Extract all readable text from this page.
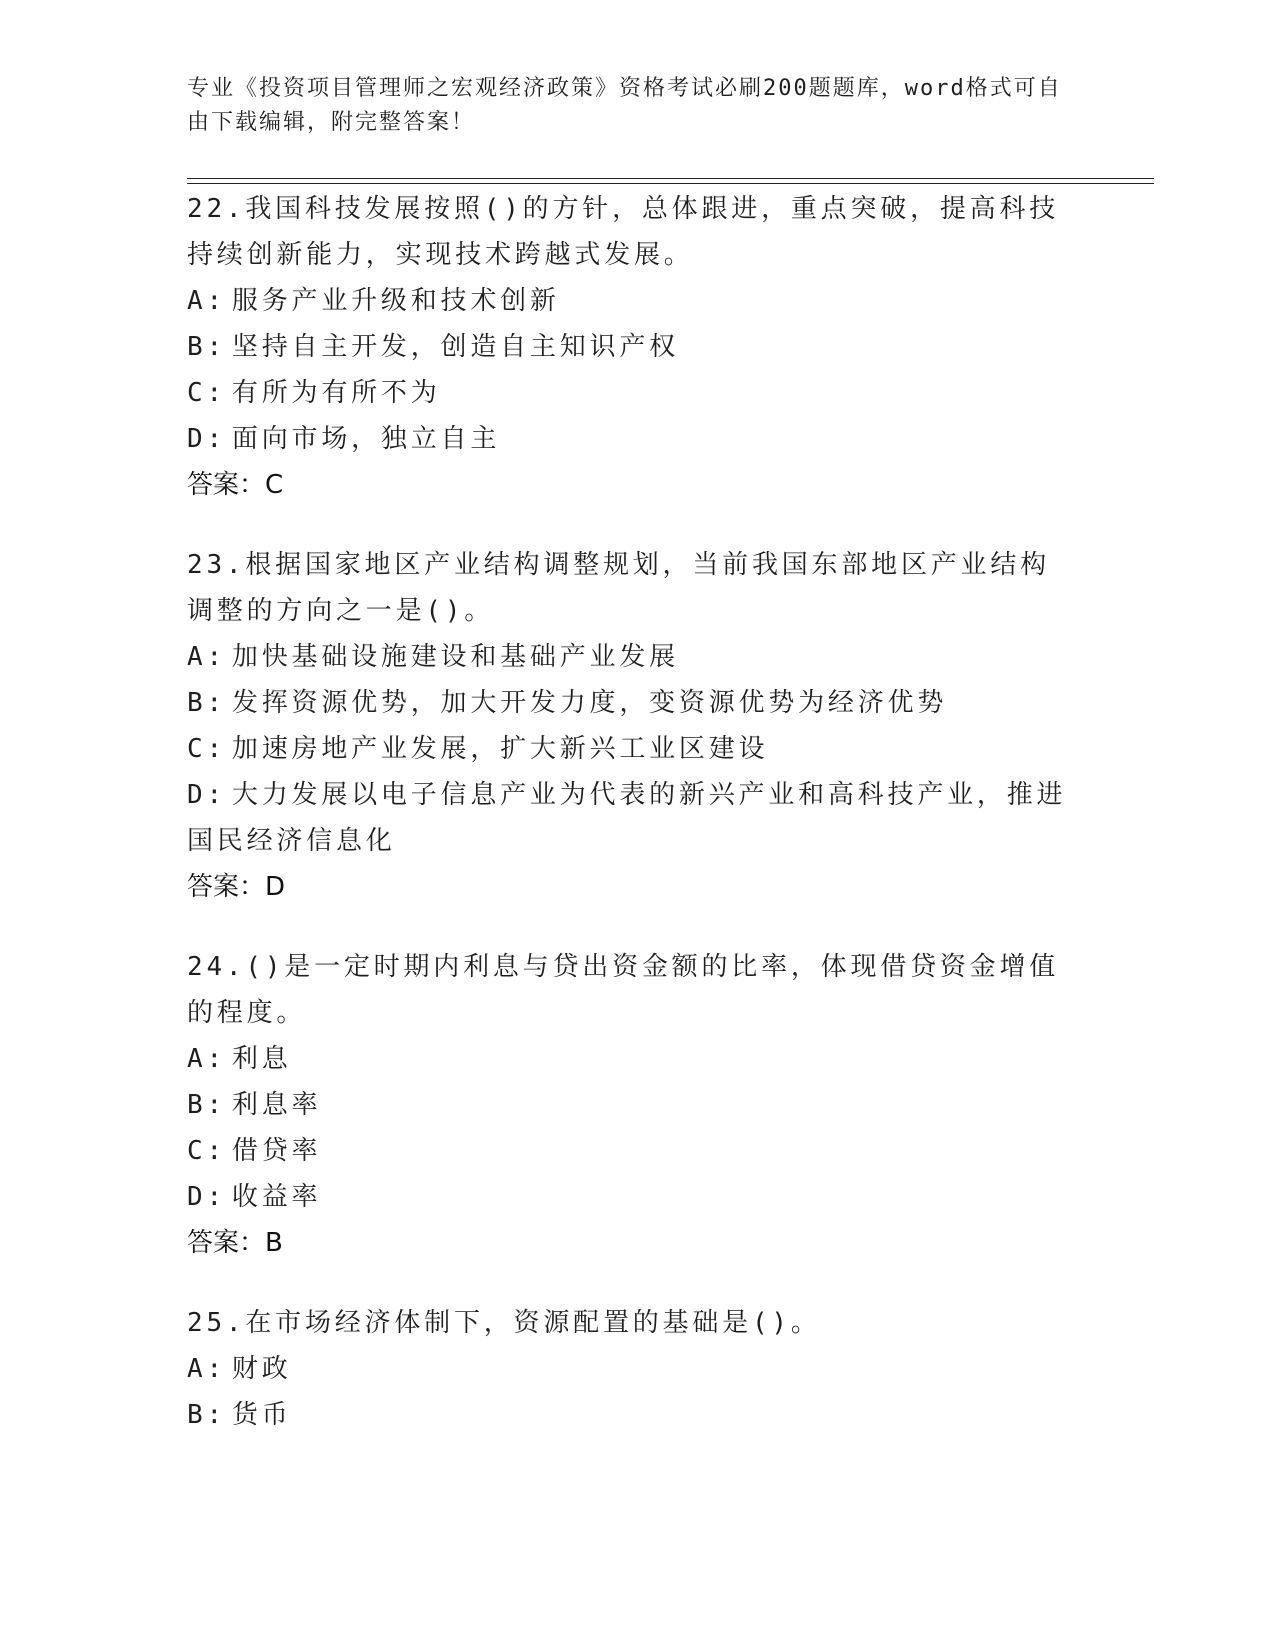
专业《投资项目管理师之宏观经济政策》资格考试必刷200题题库，word格式可自由下载编辑，附完整答案！
22.我国科技发展按照()的方针，总体跟进，重点突破，提高科技持续创新能力，实现技术跨越式发展。
A: 服务产业升级和技术创新
B: 坚持自主开发，创造自主知识产权
C: 有所为有所不为
D: 面向市场，独立自主
答案：C
23.根据国家地区产业结构调整规划，当前我国东部地区产业结构调整的方向之一是()。
A: 加快基础设施建设和基础产业发展
B: 发挥资源优势，加大开发力度，变资源优势为经济优势
C: 加速房地产业发展，扩大新兴工业区建设
D: 大力发展以电子信息产业为代表的新兴产业和高科技产业，推进国民经济信息化
答案：D
24.()是一定时期内利息与贷出资金额的比率，体现借贷资金增值的程度。
A: 利息
B: 利息率
C: 借贷率
D: 收益率
答案：B
25.在市场经济体制下，资源配置的基础是()。
A: 财政
B: 货币
